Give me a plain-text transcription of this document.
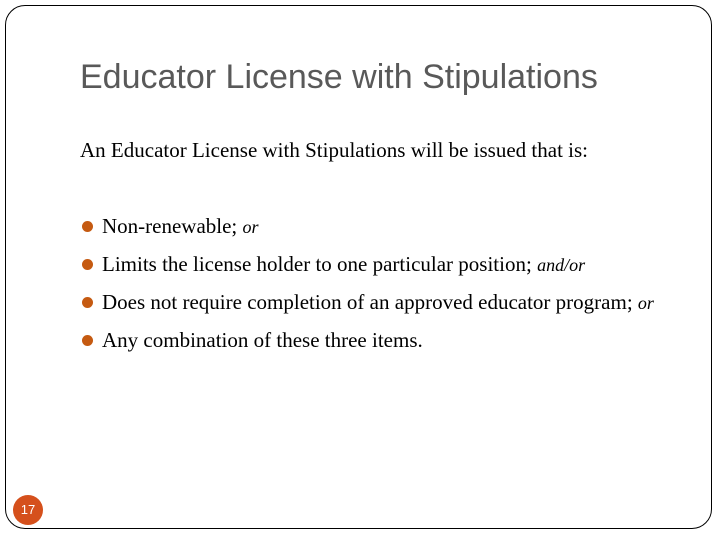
Educator License with Stipulations

An Educator License with Stipulations will be issued that is:

Non-renewable; or
Limits the license holder to one particular position; and/or
Does not require completion of an approved educator program; or
Any combination of these three items.
17
